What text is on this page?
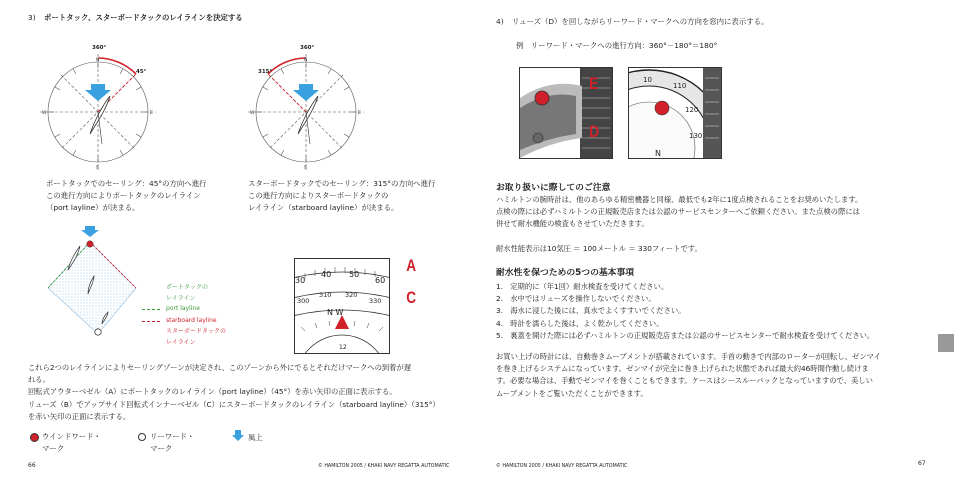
3) ポートタック、スターボードタックのレイラインを決定する
360°
45°
N
S
E
W
360°
315°
N
S
E
W
ポートタックでのセーリング：45°の方向へ進行
この進行方向によりポートタックのレイライン
（port layline）が決まる。
スターボードタックでのセーリング：315°の方向へ進行
この進行方向によりスターボードタックの
レイライン（starboard layline）が決まる。
ポートタックの
レイライン
port layline
starboard layline
スターボードタックの
レイライン
30
40 50
60
300
310 320
330
N W
12
A
C
これら2つのレイラインによりセーリングゾーンが決定され、このゾーンから外にでるとそれだけマークへの到着が遅
れる。
回転式アウターベゼル（A）にポートタックのレイライン（port layline）（45°）を赤い矢印の正面に表示する。
リューズ（B）でアップサイド回転式インナーベゼル（C）にスターボードタックのレイライン（starboard layline）（315°）
を赤い矢印の正面に表示する。
ウインドワード・
マーク
リーワード・
マーク
風上
66	© HAMILTON 2005 / KHAKI NAVY REGATTA AUTOMATIC
4) リューズ（D）を回しながらリーワード・マークへの方向を窓内に表示する。
例　リーワード・マークへの進行方向：360°－180°＝180°
10
110
120
130
N
E
D
お取り扱いに際してのご注意
ハミルトンの腕時計は、他のあらゆる精密機器と同様、最低でも2年に1度点検されることをお奨めいたします。
点検の際には必ずハミルトンの正規販売店または公認のサービスセンターへご依頼ください。また点検の際には
併せて耐水機能の検査もさせていただきます。
耐水性能表示は10気圧 ＝ 100メートル ＝ 330フィートです。
耐水性を保つための5つの基本事項
1.　定期的に（年1回）耐水検査を受けてください。
2.　水中ではリューズを操作しないでください。
3.　海水に浸した後には、真水でよくすすいでください。
4.　時計を濡らした後は、よく乾かしてください。
5.　裏蓋を開けた際には必ずハミルトンの正規販売店または公認のサービスセンターで耐水検査を受けてください。
お買い上げの時計には、自動巻きムーブメントが搭載されています。手首の動きで内部のローターが回転し、ゼンマイ
を巻き上げるシステムになっています。ゼンマイが完全に巻き上げられた状態であれば最大約46時間作動し続けま
す。必要な場合は、手動でゼンマイを巻くこともできます。ケースはシースルーバックとなっていますので、美しい
ムーブメントをご覧いただくことができます。
© HAMILTON 2005 / KHAKI NAVY REGATTA AUTOMATIC	67
